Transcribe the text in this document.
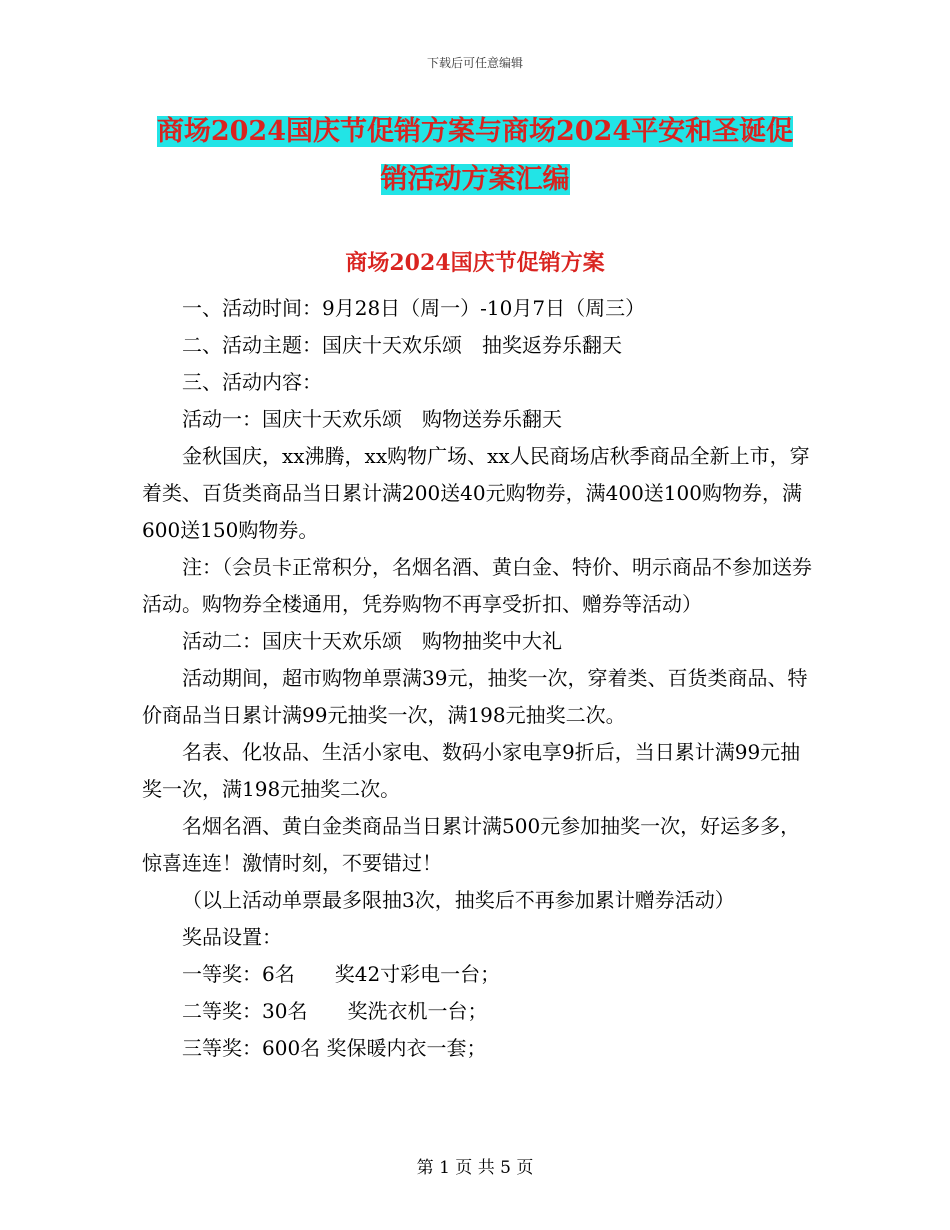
下载后可任意编辑
商场2024国庆节促销方案与商场2024平安和圣诞促
销活动方案汇编
商场2024国庆节促销方案

一、活动时间：9月28日（周一）-10月7日（周三）

二、活动主题：国庆十天欢乐颂　抽奖返券乐翻天

三、活动内容：

活动一：国庆十天欢乐颂　购物送券乐翻天

金秋国庆，xx沸腾，xx购物广场、xx人民商场店秋季商品全新上市，穿着类、百货类商品当日累计满200送40元购物券，满400送100购物券，满600送150购物券。

注：（会员卡正常积分，名烟名酒、黄白金、特价、明示商品不参加送券活动。购物券全楼通用，凭券购物不再享受折扣、赠券等活动）

活动二：国庆十天欢乐颂　购物抽奖中大礼

活动期间，超市购物单票满39元，抽奖一次，穿着类、百货类商品、特价商品当日累计满99元抽奖一次，满198元抽奖二次。

名表、化妆品、生活小家电、数码小家电享9折后，当日累计满99元抽奖一次，满198元抽奖二次。

名烟名酒、黄白金类商品当日累计满500元参加抽奖一次，好运多多，惊喜连连！激情时刻，不要错过！

（以上活动单票最多限抽3次，抽奖后不再参加累计赠券活动）

奖品设置：

一等奖：6名　　奖42寸彩电一台；

二等奖：30名　　奖洗衣机一台；

三等奖：600名 奖保暖内衣一套；

第 1 页 共 5 页
